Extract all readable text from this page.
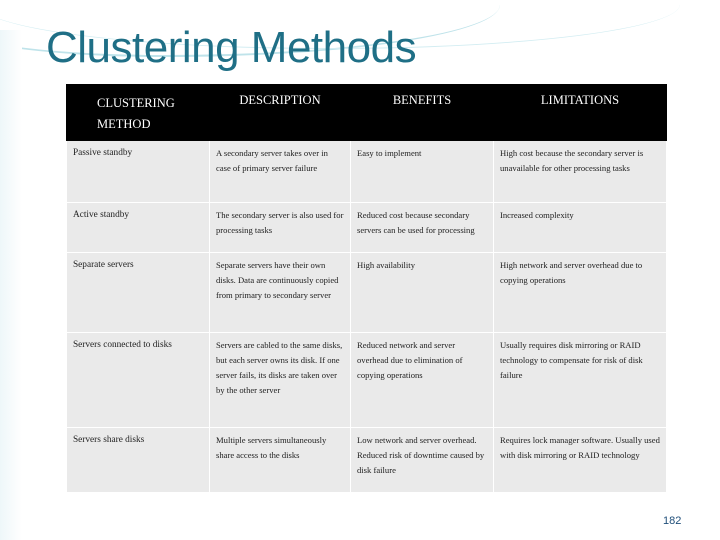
Clustering Methods
CLUSTERING METHOD	DESCRIPTION	BENEFITS	LIMITATIONS
Passive standby	A secondary server takes over in case of primary server failure	Easy to implement	High cost because the secondary server is unavailable for other processing tasks
Active standby	The secondary server is also used for processing tasks	Reduced cost because secondary servers can be used for processing	Increased complexity
Separate servers	Separate servers have their own disks. Data are continuously copied from primary to secondary server	High availability	High network and server overhead due to copying operations
Servers connected to disks	Servers are cabled to the same disks, but each server owns its disk. If one server fails, its disks are taken over by the other server	Reduced network and server overhead due to elimination of copying operations	Usually requires disk mirroring or RAID technology to compensate for risk of disk failure
Servers share disks	Multiple servers simultaneously share access to the disks	Low network and server overhead. Reduced risk of downtime caused by disk failure	Requires lock manager software. Usually used with disk mirroring or RAID technology
182
